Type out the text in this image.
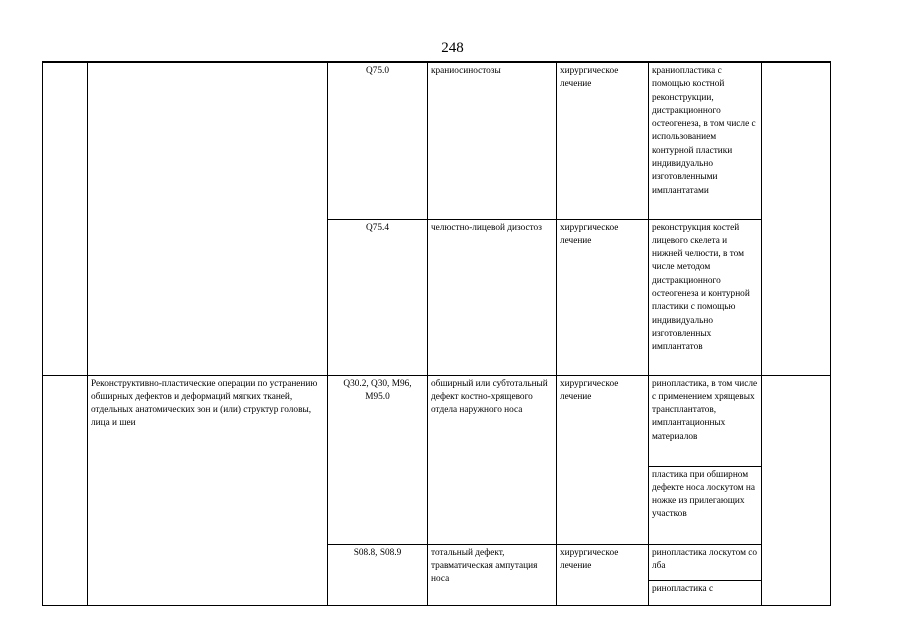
248
		Q75.0	краниосиностозы	хирургическое лечение	краниопластика с помощью костной реконструкции, дистракционного остеогенеза, в том числе с использованием контурной пластики индивидуально изготовленными имплантатами	
		Q75.4	челюстно-лицевой дизостоз	хирургическое лечение	реконструкция костей лицевого скелета и нижней челюсти, в том числе методом дистракционного остеогенеза и контурной пластики с помощью индивидуально изготовленных имплантатов	
	Реконструктивно-пластические операции по устранению обширных дефектов и деформаций мягких тканей, отдельных анатомических зон и (или) структур головы, лица и шеи	Q30.2, Q30, M96, M95.0	обширный или субтотальный дефект костно-хрящевого отдела наружного носа	хирургическое лечение	ринопластика, в том числе с применением хрящевых трансплантатов, имплантационных материалов	
					пластика при обширном дефекте носа лоскутом на ножке из прилегающих участков	
		S08.8, S08.9	тотальный дефект, травматическая ампутация носа	хирургическое лечение	ринопластика лоскутом со лба	
					ринопластика с	
